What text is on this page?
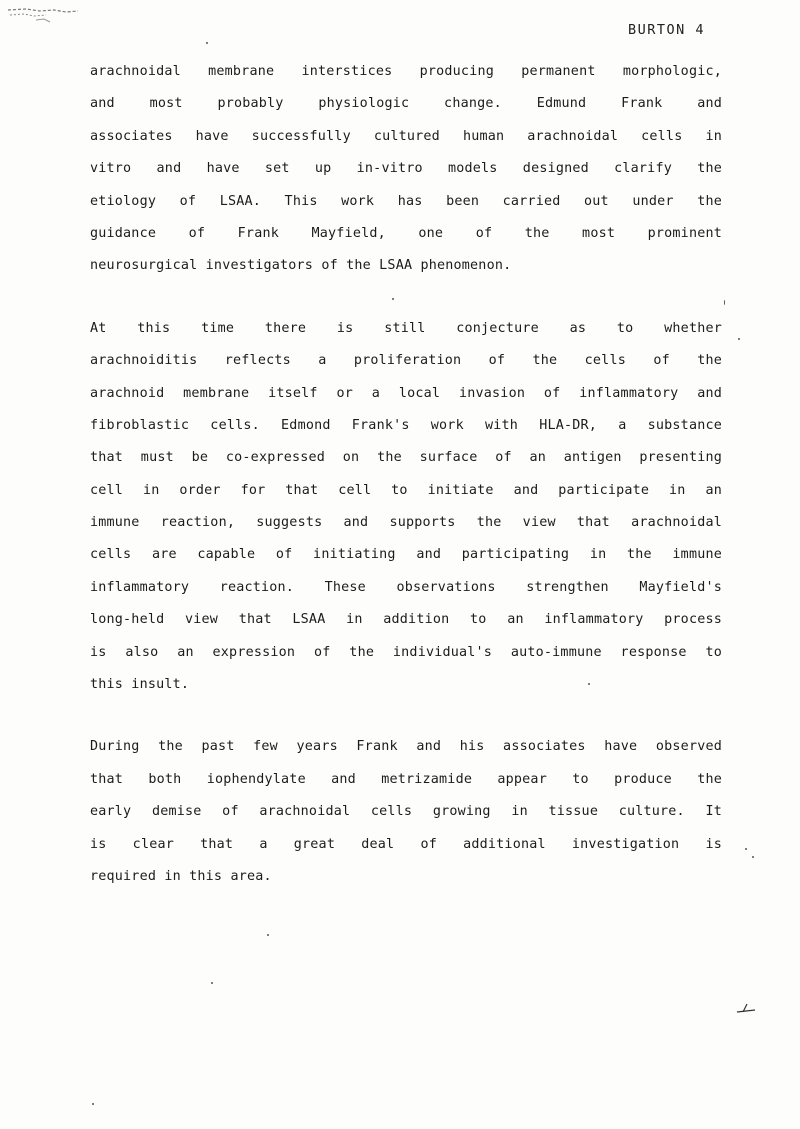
BURTON 4
arachnoidal membrane interstices producing permanent morphologic,
and most probably physiologic change. Edmund Frank and
associates have successfully cultured human arachnoidal cells in
vitro and have set up in-vitro models designed clarify the
etiology of LSAA. This work has been carried out under the
guidance of Frank Mayfield, one of the most prominent
neurosurgical investigators of the LSAA phenomenon.
At this time there is still conjecture as to whether
arachnoiditis reflects a proliferation of the cells of the
arachnoid membrane itself or a local invasion of inflammatory and
fibroblastic cells. Edmond Frank's work with HLA-DR, a substance
that must be co-expressed on the surface of an antigen presenting
cell in order for that cell to initiate and participate in an
immune reaction, suggests and supports the view that arachnoidal
cells are capable of initiating and participating in the immune
inflammatory reaction. These observations strengthen Mayfield's
long-held view that LSAA in addition to an inflammatory process
is also an expression of the individual's auto-immune response to
this insult.
During the past few years Frank and his associates have observed
that both iophendylate and metrizamide appear to produce the
early demise of arachnoidal cells growing in tissue culture. It
is clear that a great deal of additional investigation is
required in this area.
